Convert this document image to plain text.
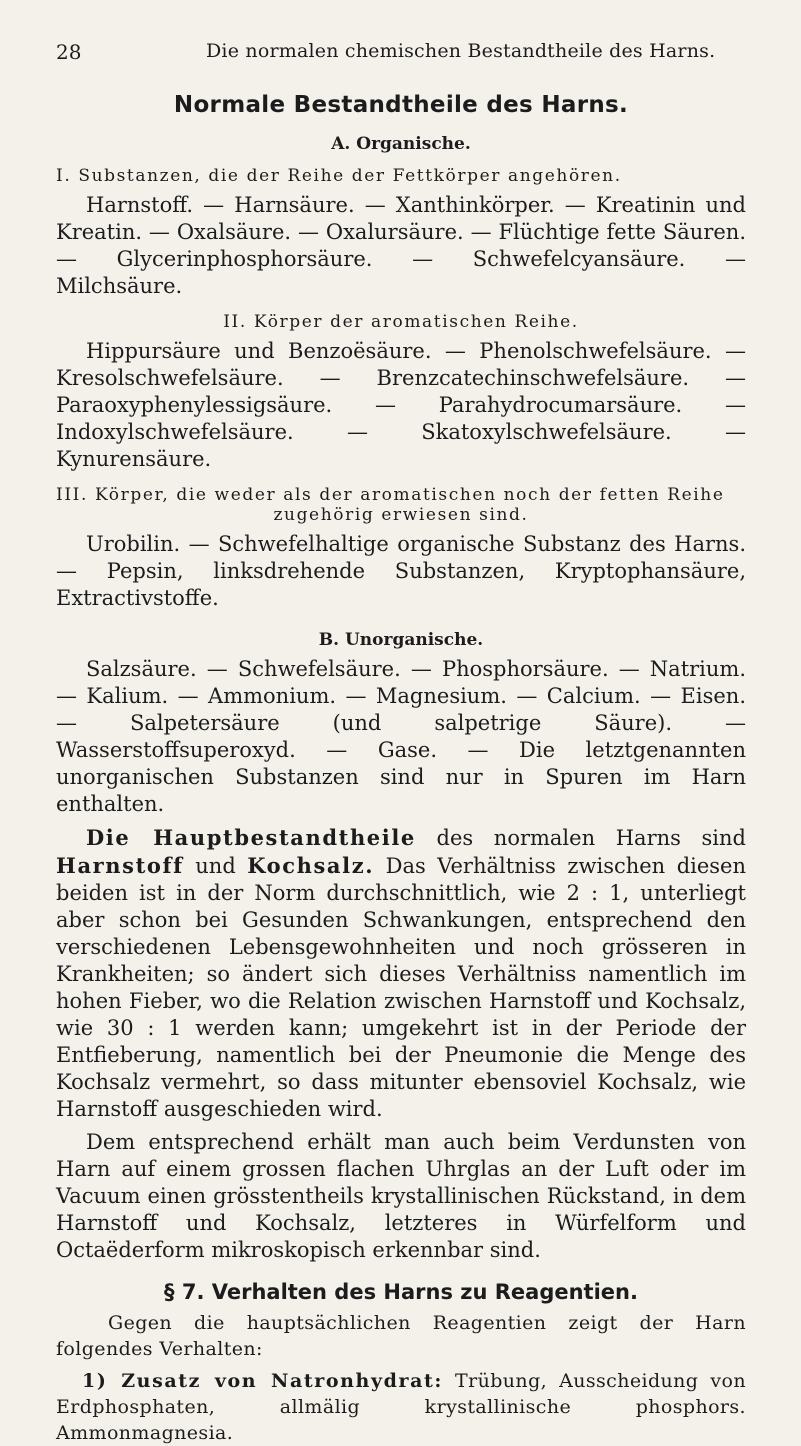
28	Die normalen chemischen Bestandtheile des Harns.
Normale Bestandtheile des Harns.
A. Organische.
I. Substanzen, die der Reihe der Fettkörper angehören.
Harnstoff. — Harnsäure. — Xanthinkörper. — Kreatinin und Kreatin. — Oxalsäure. — Oxalursäure. — Flüchtige fette Säuren. — Glycerinphosphorsäure. — Schwefelcyansäure. — Milchsäure.
II. Körper der aromatischen Reihe.
Hippursäure und Benzoësäure. — Phenolschwefelsäure. — Kresolschwefelsäure. — Brenzcatechinschwefelsäure. — Paraoxyphenylessigsäure. — Parahydrocumarsäure. — Indoxylschwefelsäure. — Skatoxylschwefelsäure. — Kynurensäure.
III. Körper, die weder als der aromatischen noch der fetten Reihe
zugehörig erwiesen sind.
Urobilin. — Schwefelhaltige organische Substanz des Harns. — Pepsin, linksdrehende Substanzen, Kryptophansäure, Extractivstoffe.
B. Unorganische.
Salzsäure. — Schwefelsäure. — Phosphorsäure. — Natrium. — Kalium. — Ammonium. — Magnesium. — Calcium. — Eisen. — Salpetersäure (und salpetrige Säure). — Wasserstoffsuperoxyd. — Gase. — Die letztgenannten unorganischen Substanzen sind nur in Spuren im Harn enthalten.
Die Hauptbestandtheile des normalen Harns sind Harnstoff und Kochsalz. Das Verhältniss zwischen diesen beiden ist in der Norm durchschnittlich, wie 2 : 1, unterliegt aber schon bei Gesunden Schwankungen, entsprechend den verschiedenen Lebensgewohnheiten und noch grösseren in Krankheiten; so ändert sich dieses Verhältniss namentlich im hohen Fieber, wo die Relation zwischen Harnstoff und Kochsalz, wie 30 : 1 werden kann; umgekehrt ist in der Periode der Entfieberung, namentlich bei der Pneumonie die Menge des Kochsalz vermehrt, so dass mitunter ebensoviel Kochsalz, wie Harnstoff ausgeschieden wird.
Dem entsprechend erhält man auch beim Verdunsten von Harn auf einem grossen flachen Uhrglas an der Luft oder im Vacuum einen grösstentheils krystallinischen Rückstand, in dem Harnstoff und Kochsalz, letzteres in Würfelform und Octaëderform mikroskopisch erkennbar sind.
§ 7. Verhalten des Harns zu Reagentien.
Gegen die hauptsächlichen Reagentien zeigt der Harn folgendes Verhalten:
1) Zusatz von Natronhydrat: Trübung, Ausscheidung von Erdphosphaten, allmälig krystallinische phosphors. Ammonmagnesia.
